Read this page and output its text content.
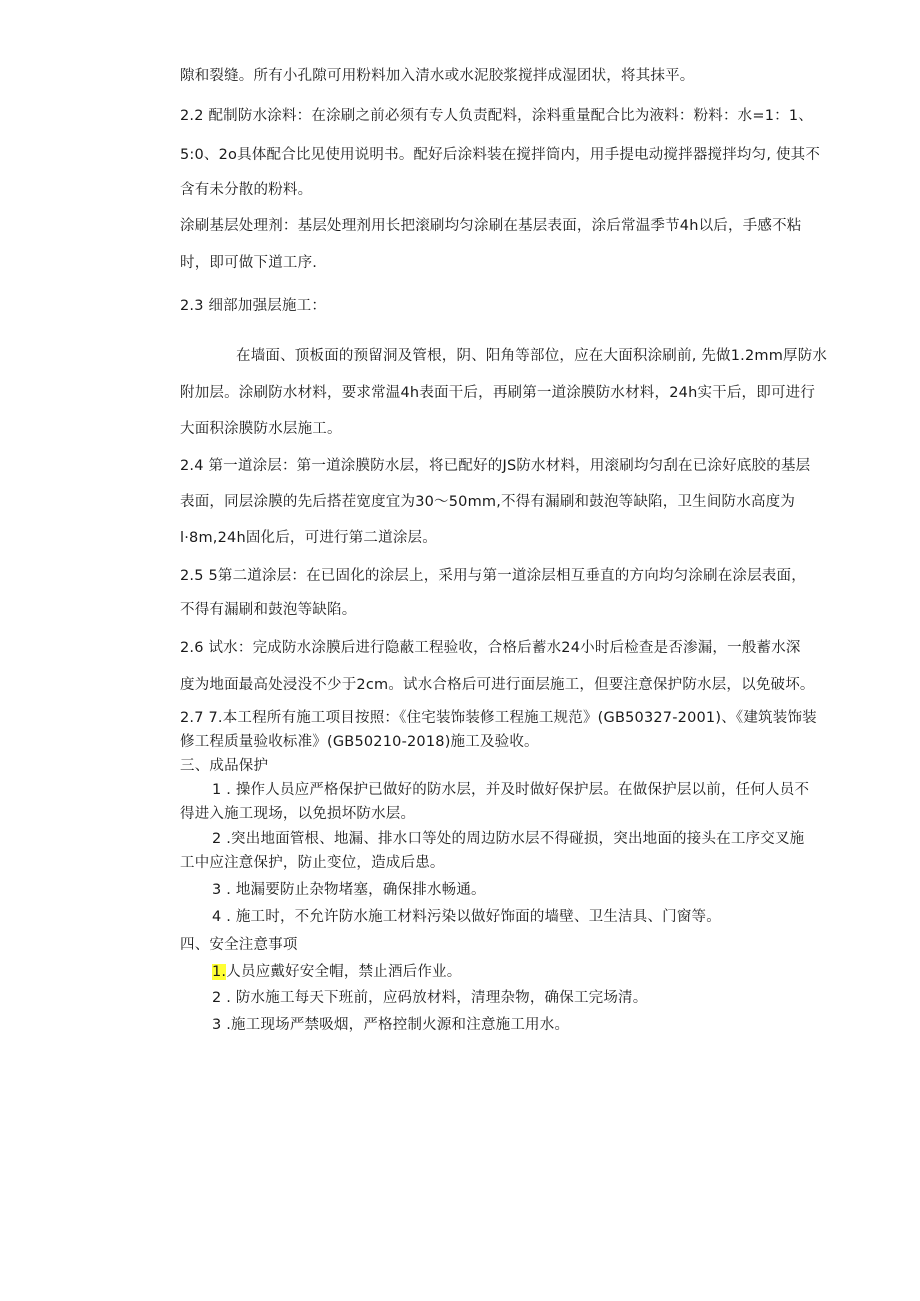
隙和裂缝。所有小孔隙可用粉料加入清水或水泥胶浆搅拌成湿团状，将其抹平。
2.2 配制防水涂料：在涂刷之前必须有专人负责配料，涂料重量配合比为液料：粉料：水=1：1、
5:0、2o具体配合比见使用说明书。配好后涂料装在搅拌筒内，用手提电动搅拌器搅拌均匀, 使其不
含有未分散的粉料。
涂刷基层处理剂：基层处理剂用长把滚刷均匀涂刷在基层表面，涂后常温季节4h以后，手感不粘
时，即可做下道工序.
2.3 细部加强层施工：
在墙面、顶板面的预留洞及管根，阴、阳角等部位，应在大面积涂刷前, 先做1.2mm厚防水
附加层。涂刷防水材料，要求常温4h表面干后，再刷第一道涂膜防水材料，24h实干后，即可进行
大面积涂膜防水层施工。
2.4 第一道涂层：第一道涂膜防水层，将已配好的JS防水材料，用滚刷均匀刮在已涂好底胶的基层
表面，同层涂膜的先后搭茬宽度宜为30～50mm,不得有漏刷和鼓泡等缺陷，卫生间防水高度为
l·8m,24h固化后，可进行第二道涂层。
2.5 5第二道涂层：在已固化的涂层上，采用与第一道涂层相互垂直的方向均匀涂刷在涂层表面，
不得有漏刷和鼓泡等缺陷。
2.6 试水：完成防水涂膜后进行隐蔽工程验收，合格后蓄水24小时后检查是否渗漏，一般蓄水深
度为地面最高处浸没不少于2cm。试水合格后可进行面层施工，但要注意保护防水层，以免破坏。
2.7 7.本工程所有施工项目按照：《住宅装饰装修工程施工规范》(GB50327-2001)、《建筑装饰装
修工程质量验收标准》(GB50210-2018)施工及验收。
三、成品保护
1 . 操作人员应严格保护已做好的防水层，并及时做好保护层。在做保护层以前，任何人员不
得进入施工现场，以免损坏防水层。
2 .突出地面管根、地漏、排水口等处的周边防水层不得碰损，突出地面的接头在工序交叉施
工中应注意保护，防止变位，造成后患。
3 . 地漏要防止杂物堵塞，确保排水畅通。
4 . 施工时，不允许防水施工材料污染以做好饰面的墙壁、卫生洁具、门窗等。
四、安全注意事项
1.人员应戴好安全帽，禁止酒后作业。
2 . 防水施工每天下班前，应码放材料，清理杂物，确保工完场清。
3 .施工现场严禁吸烟，严格控制火源和注意施工用水。
